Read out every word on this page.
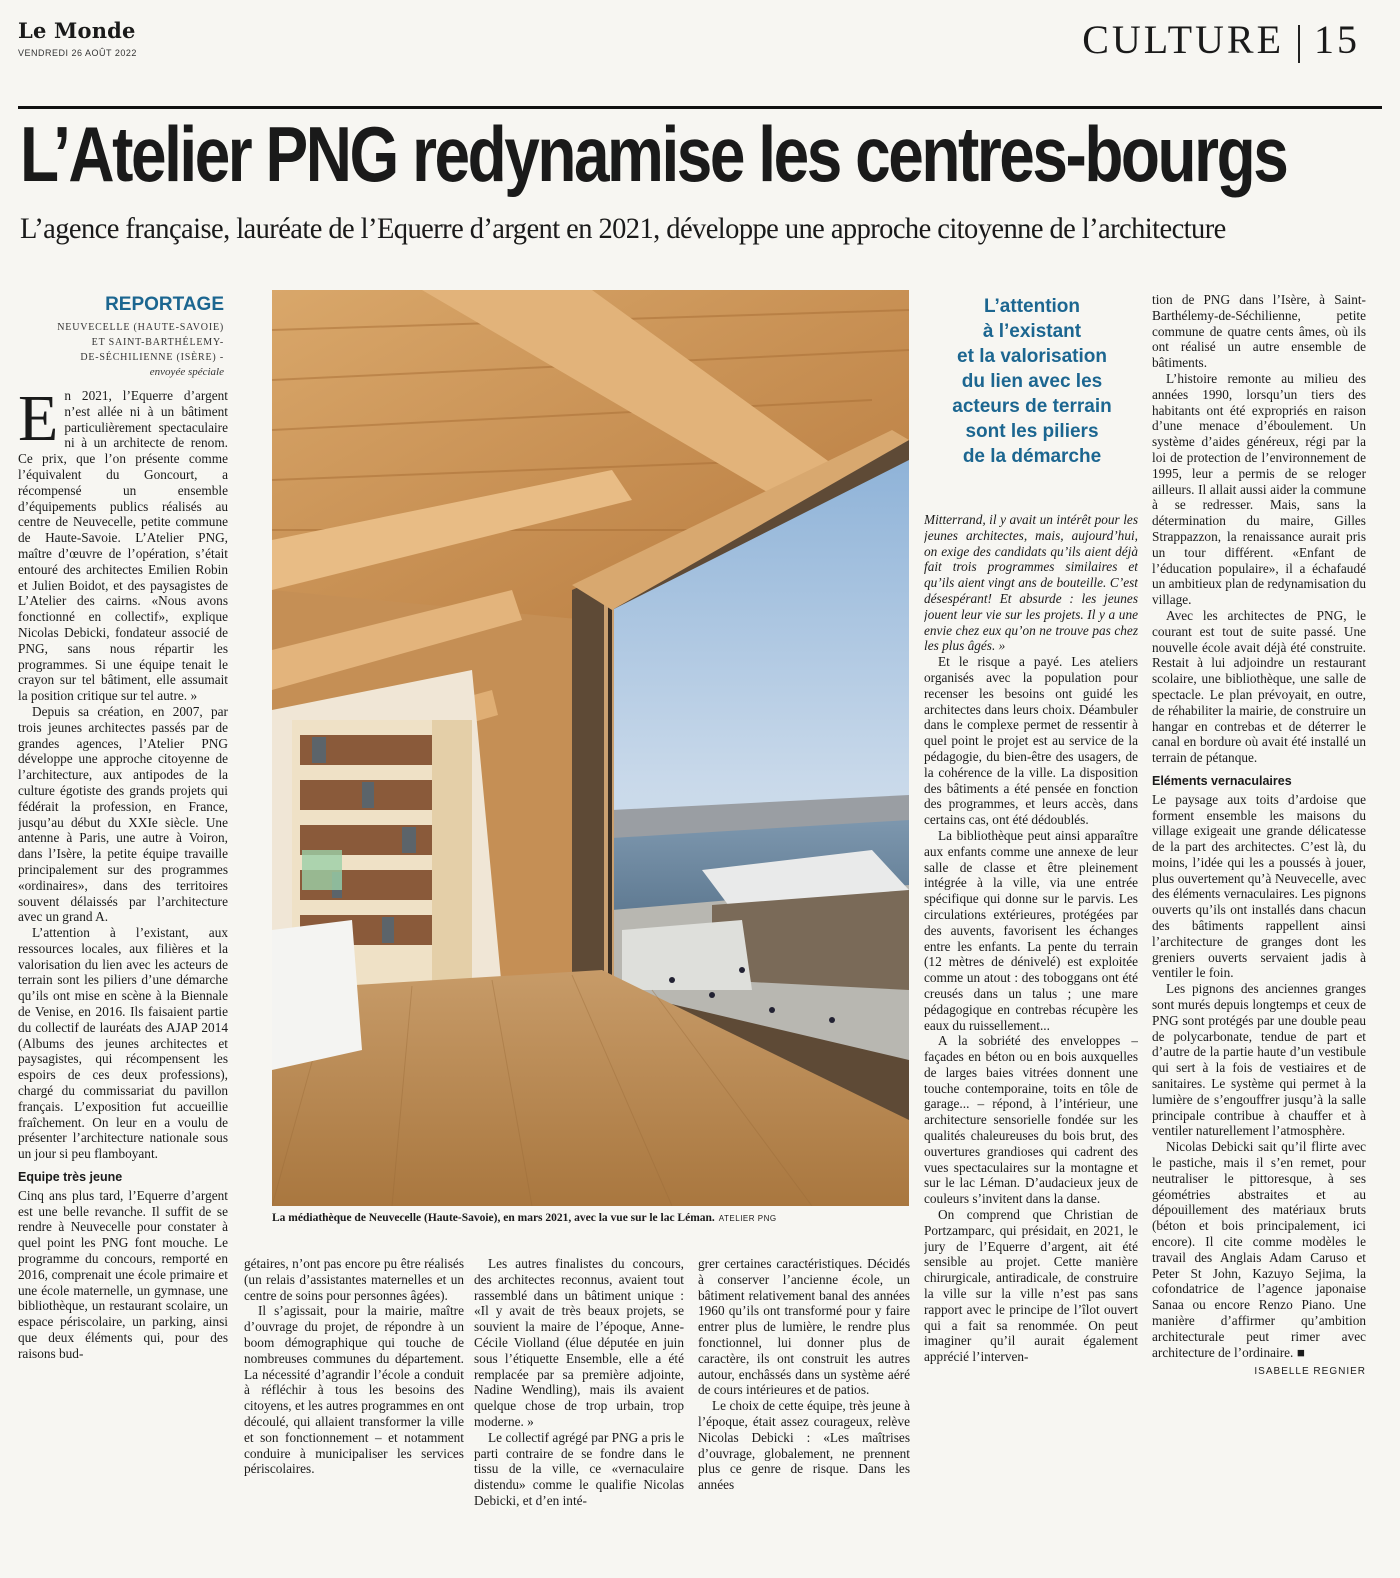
Le Monde
VENDREDI 26 AOÛT 2022	CULTURE 15
L’Atelier PNG redynamise les centres-bourgs
L’agence française, lauréate de l’Equerre d’argent en 2021, développe une approche citoyenne de l’architecture
REPORTAGE
NEUVECELLE (HAUTE-SAVOIE)
ET SAINT-BARTHÉLEMY-
DE-SÉCHILIENNE (ISÈRE) -
envoyée spéciale

En 2021, l’Equerre d’argent n’est allée ni à un bâtiment particulièrement spectaculaire ni à un architecte de renom. Ce prix, que l’on présente comme l’équivalent du Goncourt, a récompensé un ensemble d’équipements publics réalisés au centre de Neuvecelle, petite commune de Haute-Savoie. L’Atelier PNG, maître d’œuvre de l’opération, s’était entouré des architectes Emilien Robin et Julien Boidot, et des paysagistes de L’Atelier des cairns. «Nous avons fonctionné en collectif», explique Nicolas Debicki, fondateur associé de PNG, sans nous répartir les programmes. Si une équipe tenait le crayon sur tel bâtiment, elle assumait la position critique sur tel autre. »

Depuis sa création, en 2007, par trois jeunes architectes passés par de grandes agences, l’Atelier PNG développe une approche citoyenne de l’architecture, aux antipodes de la culture égotiste des grands projets qui fédérait la profession, en France, jusqu’au début du XXIe siècle. Une antenne à Paris, une autre à Voiron, dans l’Isère, la petite équipe travaille principalement sur des programmes «ordinaires», dans des territoires souvent délaissés par l’architecture avec un grand A.

L’attention à l’existant, aux ressources locales, aux filières et la valorisation du lien avec les acteurs de terrain sont les piliers d’une démarche qu’ils ont mise en scène à la Biennale de Venise, en 2016. Ils faisaient partie du collectif de lauréats des AJAP 2014 (Albums des jeunes architectes et paysagistes, qui récompensent les espoirs de ces deux professions), chargé du commissariat du pavillon français. L’exposition fut accueillie fraîchement. On leur en a voulu de présenter l’architecture nationale sous un jour si peu flamboyant.

Equipe très jeune

Cinq ans plus tard, l’Equerre d’argent est une belle revanche. Il suffit de se rendre à Neuvecelle pour constater à quel point les PNG font mouche. Le programme du concours, remporté en 2016, comprenait une école primaire et une école maternelle, un gymnase, une bibliothèque, un restaurant scolaire, un espace périscolaire, un parking, ainsi que deux éléments qui, pour des raisons bud-

La médiathèque de Neuvecelle (Haute-Savoie), en mars 2021, avec la vue sur le lac Léman. ATELIER PNG
L’attention
à l’existant
et la valorisation
du lien avec les
acteurs de terrain
sont les piliers
de la démarche

gétaires, n’ont pas encore pu être réalisés (un relais d’assistantes maternelles et un centre de soins pour personnes âgées).

Il s’agissait, pour la mairie, maître d’ouvrage du projet, de répondre à un boom démographique qui touche de nombreuses communes du département. La nécessité d’agrandir l’école a conduit à réfléchir à tous les besoins des citoyens, et les autres programmes en ont découlé, qui allaient transformer la ville et son fonctionnement – et notamment conduire à municipaliser les services périscolaires.

Les autres finalistes du concours, des architectes reconnus, avaient tout rassemblé dans un bâtiment unique : «Il y avait de très beaux projets, se souvient la maire de l’époque, Anne-Cécile Violland (élue députée en juin sous l’étiquette Ensemble, elle a été remplacée par sa première adjointe, Nadine Wendling), mais ils avaient quelque chose de trop urbain, trop moderne. »

Le collectif agrégé par PNG a pris le parti contraire de se fondre dans le tissu de la ville, ce «vernaculaire distendu» comme le qualifie Nicolas Debicki, et d’en inté-

grer certaines caractéristiques. Décidés à conserver l’ancienne école, un bâtiment relativement banal des années 1960 qu’ils ont transformé pour y faire entrer plus de lumière, le rendre plus fonctionnel, lui donner plus de caractère, ils ont construit les autres autour, enchâssés dans un système aéré de cours intérieures et de patios.

Le choix de cette équipe, très jeune à l’époque, était assez courageux, relève Nicolas Debicki : «Les maîtrises d’ouvrage, globalement, ne prennent plus ce genre de risque. Dans les années

Mitterrand, il y avait un intérêt pour les jeunes architectes, mais, aujourd’hui, on exige des candidats qu’ils aient déjà fait trois programmes similaires et qu’ils aient vingt ans de bouteille. C’est désespérant! Et absurde : les jeunes jouent leur vie sur les projets. Il y a une envie chez eux qu’on ne trouve pas chez les plus âgés. »

Et le risque a payé. Les ateliers organisés avec la population pour recenser les besoins ont guidé les architectes dans leurs choix. Déambuler dans le complexe permet de ressentir à quel point le projet est au service de la pédagogie, du bien-être des usagers, de la cohérence de la ville. La disposition des bâtiments a été pensée en fonction des programmes, et leurs accès, dans certains cas, ont été dédoublés.

La bibliothèque peut ainsi apparaître aux enfants comme une annexe de leur salle de classe et être pleinement intégrée à la ville, via une entrée spécifique qui donne sur le parvis. Les circulations extérieures, protégées par des auvents, favorisent les échanges entre les enfants. La pente du terrain (12 mètres de dénivelé) est exploitée comme un atout : des toboggans ont été creusés dans un talus ; une mare pédagogique en contrebas récupère les eaux du ruissellement...

A la sobriété des enveloppes – façades en béton ou en bois auxquelles de larges baies vitrées donnent une touche contemporaine, toits en tôle de garage... – répond, à l’intérieur, une architecture sensorielle fondée sur les qualités chaleureuses du bois brut, des ouvertures grandioses qui cadrent des vues spectaculaires sur la montagne et sur le lac Léman. D’audacieux jeux de couleurs s’invitent dans la danse.

On comprend que Christian de Portzamparc, qui présidait, en 2021, le jury de l’Equerre d’argent, ait été sensible au projet. Cette manière chirurgicale, antiradicale, de construire la ville sur la ville n’est pas sans rapport avec le principe de l’îlot ouvert qui a fait sa renommée. On peut imaginer qu’il aurait également apprécié l’interven-

tion de PNG dans l’Isère, à Saint-Barthélemy-de-Séchilienne, petite commune de quatre cents âmes, où ils ont réalisé un autre ensemble de bâtiments.

L’histoire remonte au milieu des années 1990, lorsqu’un tiers des habitants ont été expropriés en raison d’une menace d’éboulement. Un système d’aides généreux, régi par la loi de protection de l’environnement de 1995, leur a permis de se reloger ailleurs. Il allait aussi aider la commune à se redresser. Mais, sans la détermination du maire, Gilles Strappazzon, la renaissance aurait pris un tour différent. «Enfant de l’éducation populaire», il a échafaudé un ambitieux plan de redynamisation du village.

Avec les architectes de PNG, le courant est tout de suite passé. Une nouvelle école avait déjà été construite. Restait à lui adjoindre un restaurant scolaire, une bibliothèque, une salle de spectacle. Le plan prévoyait, en outre, de réhabiliter la mairie, de construire un hangar en contrebas et de déterrer le canal en bordure où avait été installé un terrain de pétanque.

Eléments vernaculaires

Le paysage aux toits d’ardoise que forment ensemble les maisons du village exigeait une grande délicatesse de la part des architectes. C’est là, du moins, l’idée qui les a poussés à jouer, plus ouvertement qu’à Neuvecelle, avec des éléments vernaculaires. Les pignons ouverts qu’ils ont installés dans chacun des bâtiments rappellent ainsi l’architecture de granges dont les greniers ouverts servaient jadis à ventiler le foin.

Les pignons des anciennes granges sont murés depuis longtemps et ceux de PNG sont protégés par une double peau de polycarbonate, tendue de part et d’autre de la partie haute d’un vestibule qui sert à la fois de vestiaires et de sanitaires. Le système qui permet à la lumière de s’engouffrer jusqu’à la salle principale contribue à chauffer et à ventiler naturellement l’atmosphère.

Nicolas Debicki sait qu’il flirte avec le pastiche, mais il s’en remet, pour neutraliser le pittoresque, à ses géométries abstraites et au dépouillement des matériaux bruts (béton et bois principalement, ici encore). Il cite comme modèles le travail des Anglais Adam Caruso et Peter St John, Kazuyo Sejima, la cofondatrice de l’agence japonaise Sanaa ou encore Renzo Piano. Une manière d’affirmer qu’ambition architecturale peut rimer avec architecture de l’ordinaire. ■

ISABELLE REGNIER
